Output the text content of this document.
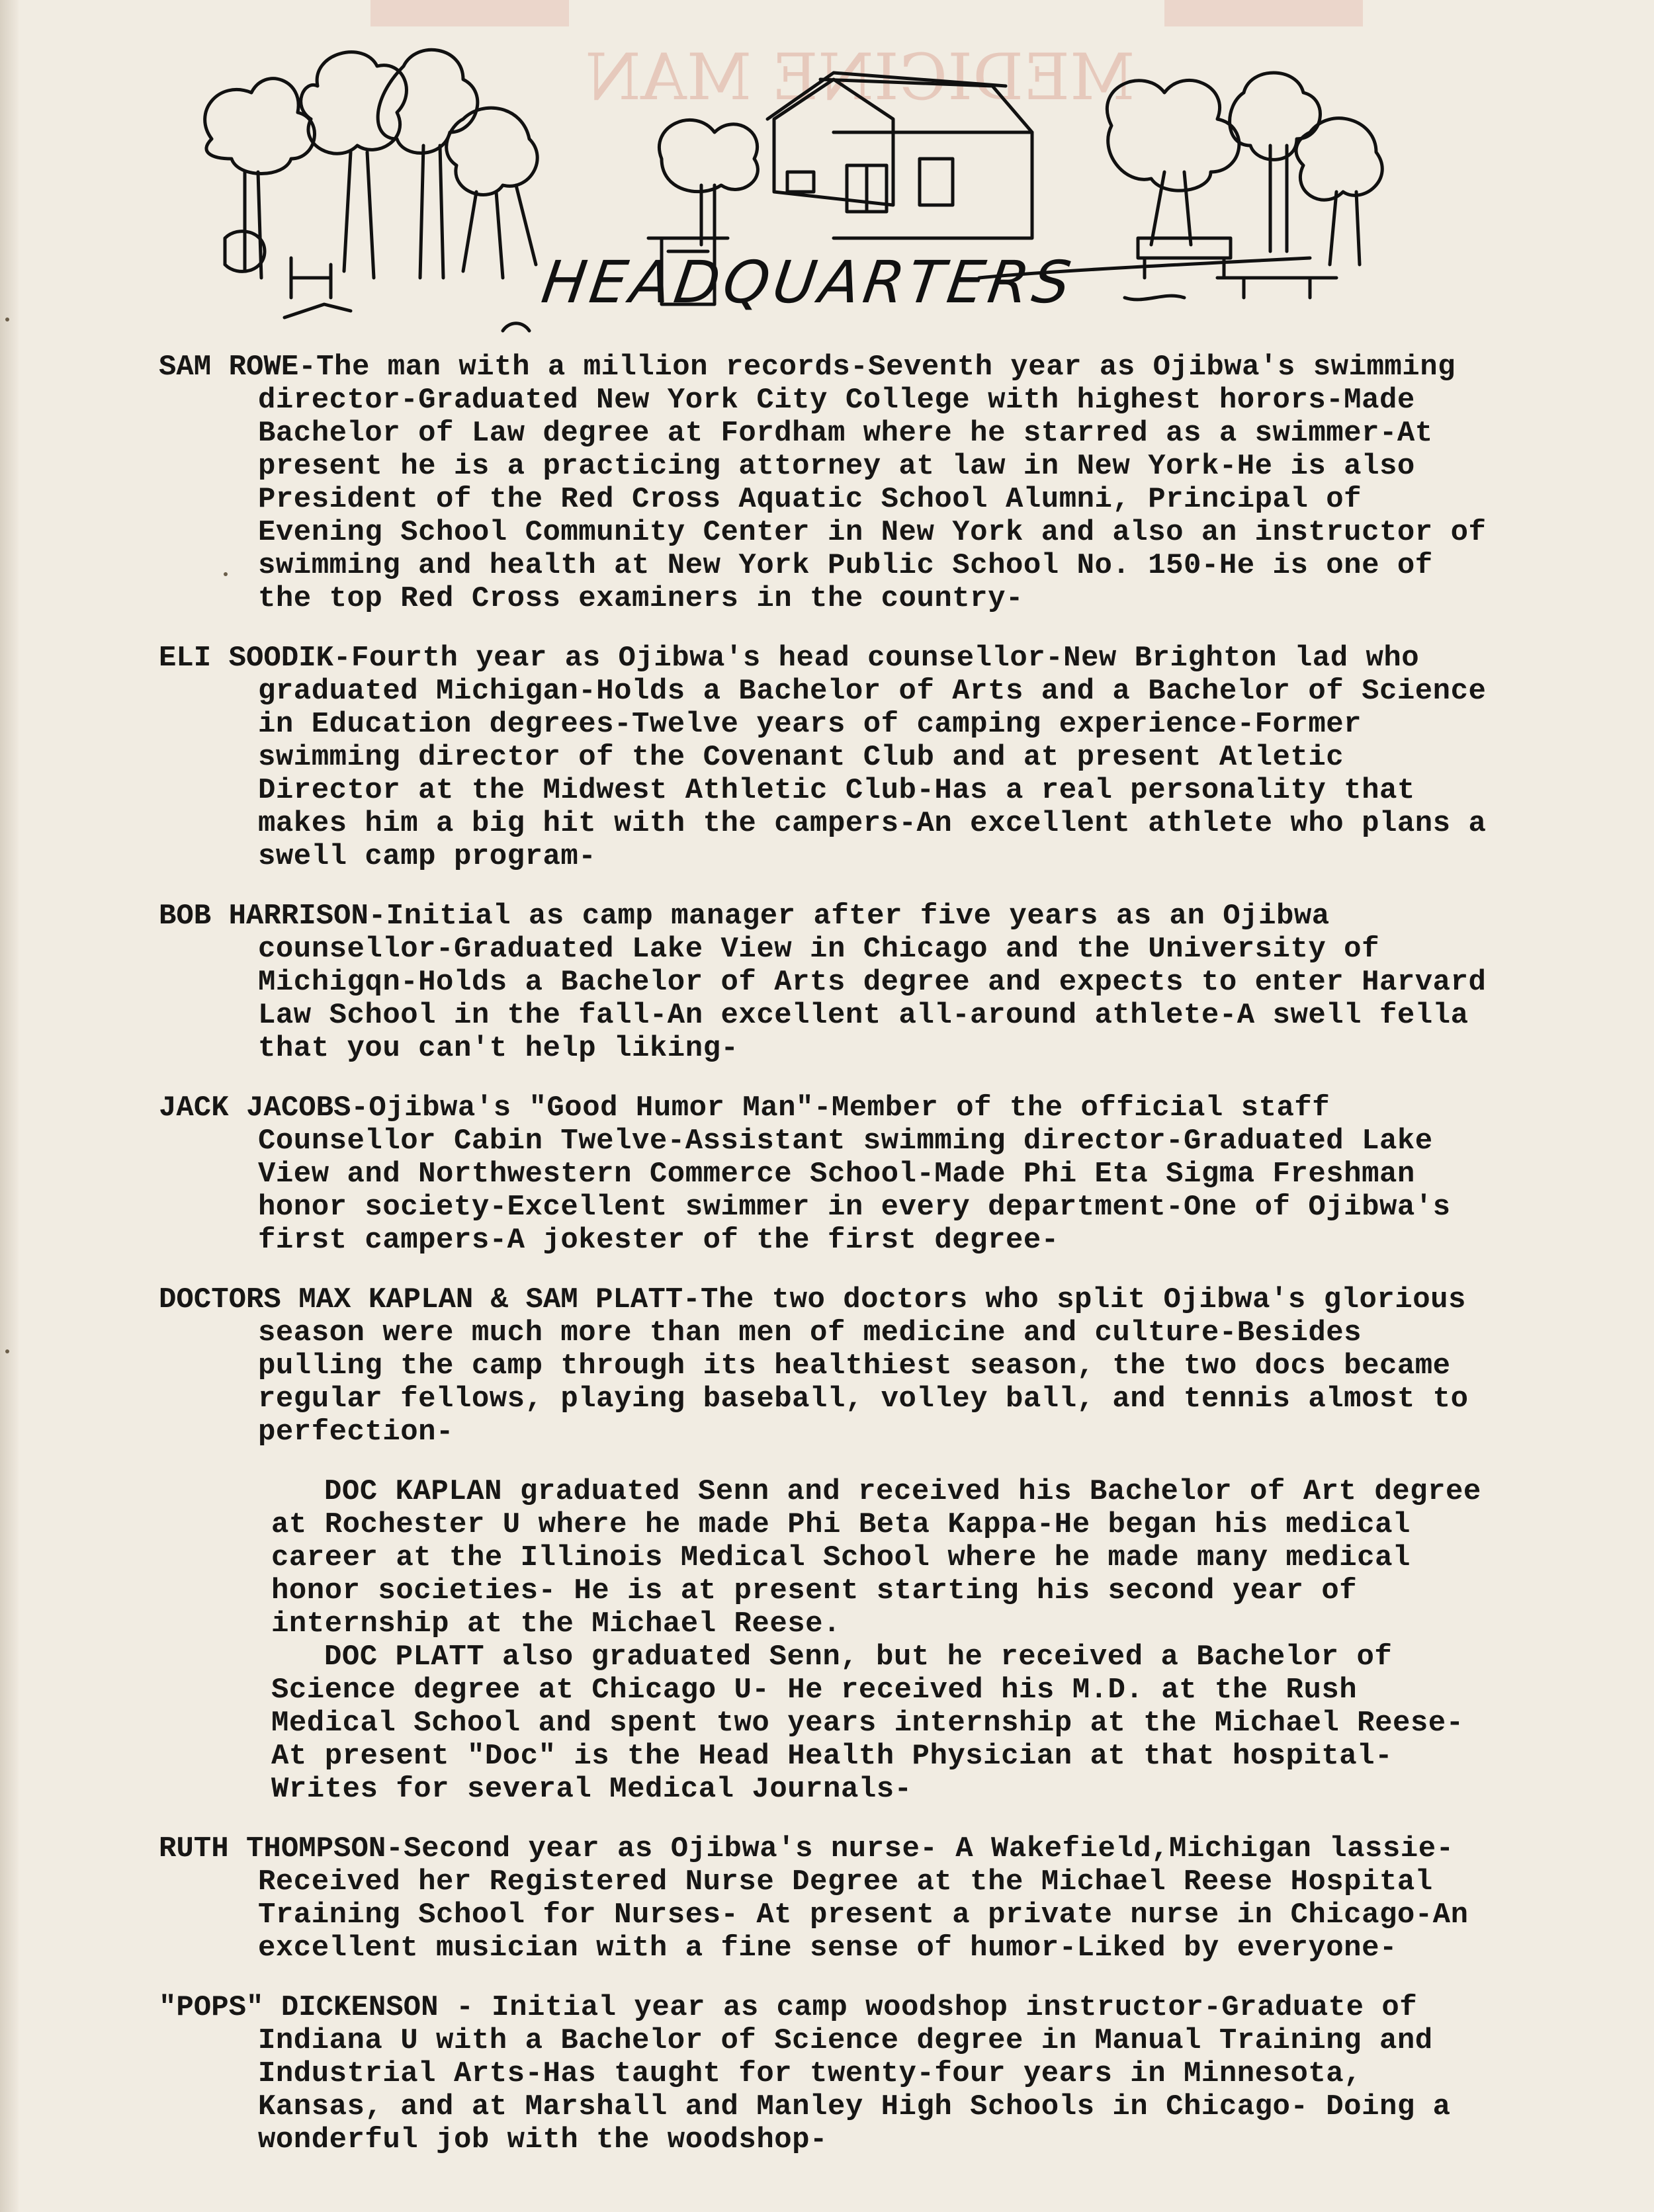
MEDICINE MAN
HEADQUARTERS
SAM ROWE-The man with a million records-Seventh year as Ojibwa's swimming director-Graduated New York City College with highest horors-Made Bachelor of Law degree at Fordham where he starred as a swimmer-At present he is a practicing attorney at law in New York-He is also President of the Red Cross Aquatic School Alumni, Principal of Evening School Community Center in New York and also an instructor of swimming and health at New York Public School No. 150-He is one of the top Red Cross examiners in the country-
ELI SOODIK-Fourth year as Ojibwa's head counsellor-New Brighton lad who graduated Michigan-Holds a Bachelor of Arts and a Bachelor of Science in Education degrees-Twelve years of camping experience-Former swimming director of the Covenant Club and at present Atletic Director at the Midwest Athletic Club-Has a real personality that makes him a big hit with the campers-An excellent athlete who plans a swell camp program-
BOB HARRISON-Initial as camp manager after five years as an Ojibwa counsellor-Graduated Lake View in Chicago and the University of Michigqn-Holds a Bachelor of Arts degree and expects to enter Harvard Law School in the fall-An excellent all-around athlete-A swell fella that you can't help liking-
JACK JACOBS-Ojibwa's "Good Humor Man"-Member of the official staff Counsellor Cabin Twelve-Assistant swimming director-Graduated Lake View and Northwestern Commerce School-Made Phi Eta Sigma Freshman honor society-Excellent swimmer in every department-One of Ojibwa's first campers-A jokester of the first degree-
DOCTORS MAX KAPLAN & SAM PLATT-The two doctors who split Ojibwa's glorious season were much more than men of medicine and culture-Besides pulling the camp through its healthiest season, the two docs became regular fellows, playing baseball, volley ball, and tennis almost to perfection-
DOC KAPLAN graduated Senn and received his Bachelor of Art degree at Rochester U where he made Phi Beta Kappa-He began his medical career at the Illinois Medical School where he made many medical honor societies- He is at present starting his second year of internship at the Michael Reese.
DOC PLATT also graduated Senn, but he received a Bachelor of Science degree at Chicago U- He received his M.D. at the Rush Medical School and spent two years internship at the Michael Reese- At present "Doc" is the Head Health Physician at that hospital- Writes for several Medical Journals-
RUTH THOMPSON-Second year as Ojibwa's nurse- A Wakefield,Michigan lassie-Received her Registered Nurse Degree at the Michael Reese Hospital Training School for Nurses- At present a private nurse in Chicago-An excellent musician with a fine sense of humor-Liked by everyone-
"POPS" DICKENSON - Initial year as camp woodshop instructor-Graduate of Indiana U with a Bachelor of Science degree in Manual Training and Industrial Arts-Has taught for twenty-four years in Minnesota, Kansas, and at Marshall and Manley High Schools in Chicago- Doing a wonderful job with the woodshop-
